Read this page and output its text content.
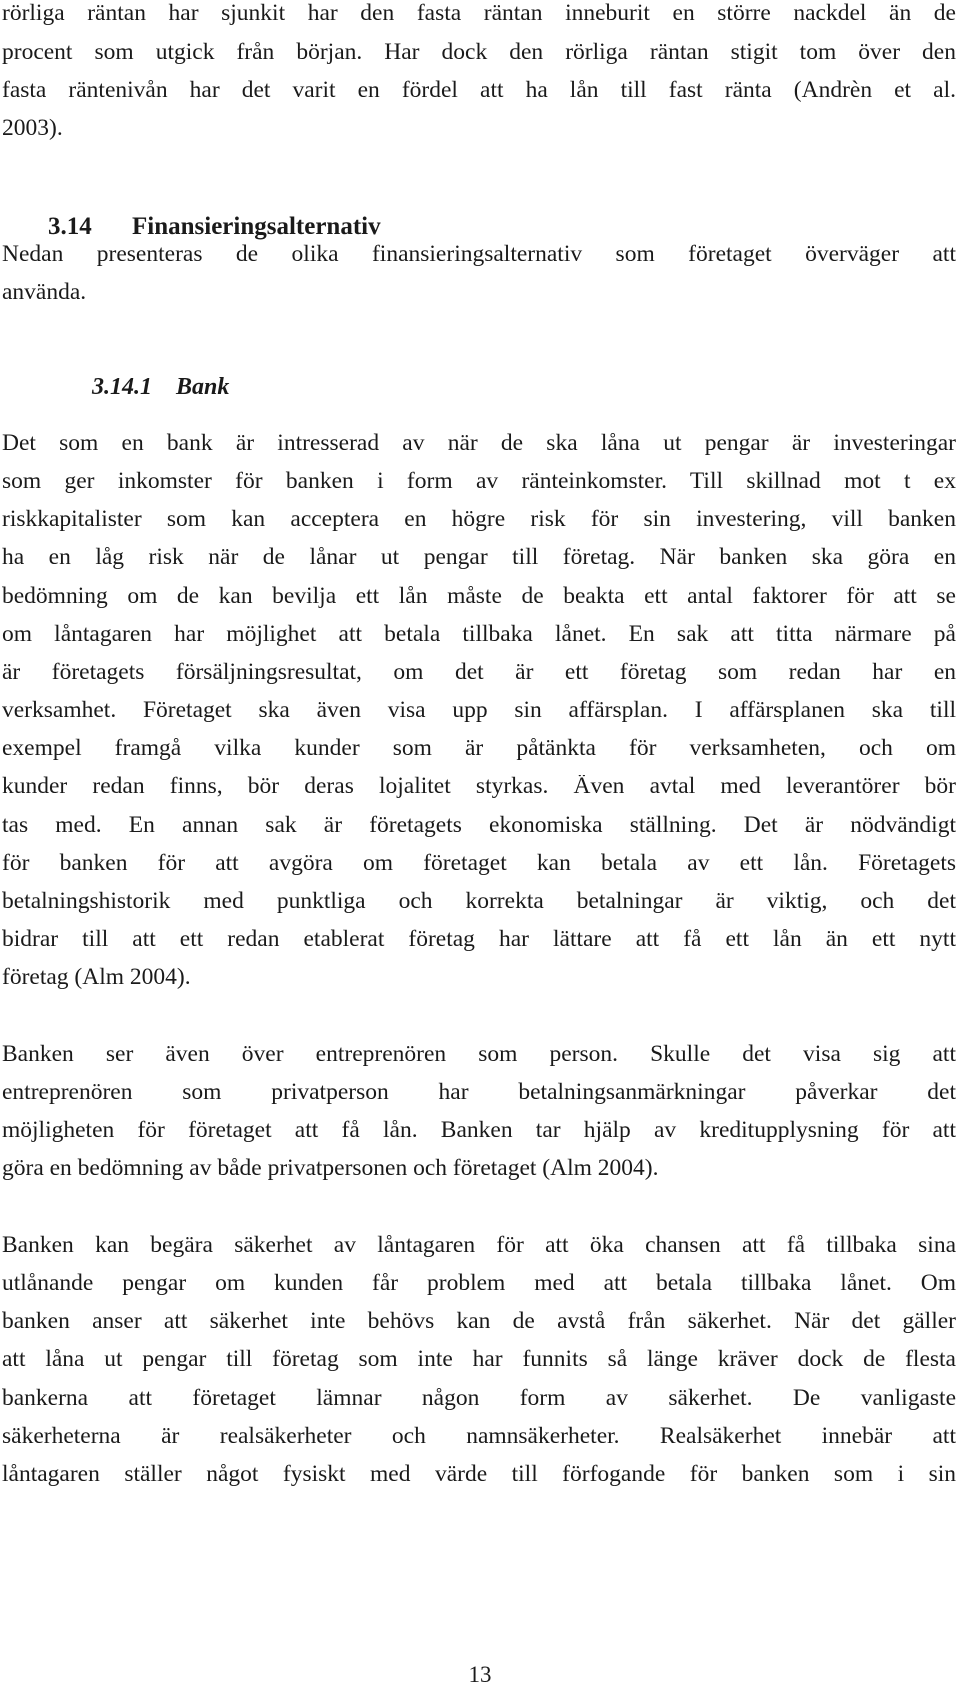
rörliga räntan har sjunkit har den fasta räntan inneburit en större nackdel än de
procent som utgick från början. Har dock den rörliga räntan stigit tom över den
fasta räntenivån har det varit en fördel att ha lån till fast ränta (Andrèn et al.
2003).
3.14 Finansieringsalternativ
Nedan presenteras de olika finansieringsalternativ som företaget överväger att
använda.
3.14.1 Bank
Det som en bank är intresserad av när de ska låna ut pengar är investeringar
som ger inkomster för banken i form av ränteinkomster. Till skillnad mot t ex
riskkapitalister som kan acceptera en högre risk för sin investering, vill banken
ha en låg risk när de lånar ut pengar till företag. När banken ska göra en
bedömning om de kan bevilja ett lån måste de beakta ett antal faktorer för att se
om låntagaren har möjlighet att betala tillbaka lånet. En sak att titta närmare på
är företagets försäljningsresultat, om det är ett företag som redan har en
verksamhet. Företaget ska även visa upp sin affärsplan. I affärsplanen ska till
exempel framgå vilka kunder som är påtänkta för verksamheten, och om
kunder redan finns, bör deras lojalitet styrkas. Även avtal med leverantörer bör
tas med. En annan sak är företagets ekonomiska ställning. Det är nödvändigt
för banken för att avgöra om företaget kan betala av ett lån. Företagets
betalningshistorik med punktliga och korrekta betalningar är viktig, och det
bidrar till att ett redan etablerat företag har lättare att få ett lån än ett nytt
företag (Alm 2004).
Banken ser även över entreprenören som person. Skulle det visa sig att
entreprenören som privatperson har betalningsanmärkningar påverkar det
möjligheten för företaget att få lån. Banken tar hjälp av kreditupplysning för att
göra en bedömning av både privatpersonen och företaget (Alm 2004).
Banken kan begära säkerhet av låntagaren för att öka chansen att få tillbaka sina
utlånande pengar om kunden får problem med att betala tillbaka lånet. Om
banken anser att säkerhet inte behövs kan de avstå från säkerhet. När det gäller
att låna ut pengar till företag som inte har funnits så länge kräver dock de flesta
bankerna att företaget lämnar någon form av säkerhet. De vanligaste
säkerheterna är realsäkerheter och namnsäkerheter. Realsäkerhet innebär att
låntagaren ställer något fysiskt med värde till förfogande för banken som i sin
13
